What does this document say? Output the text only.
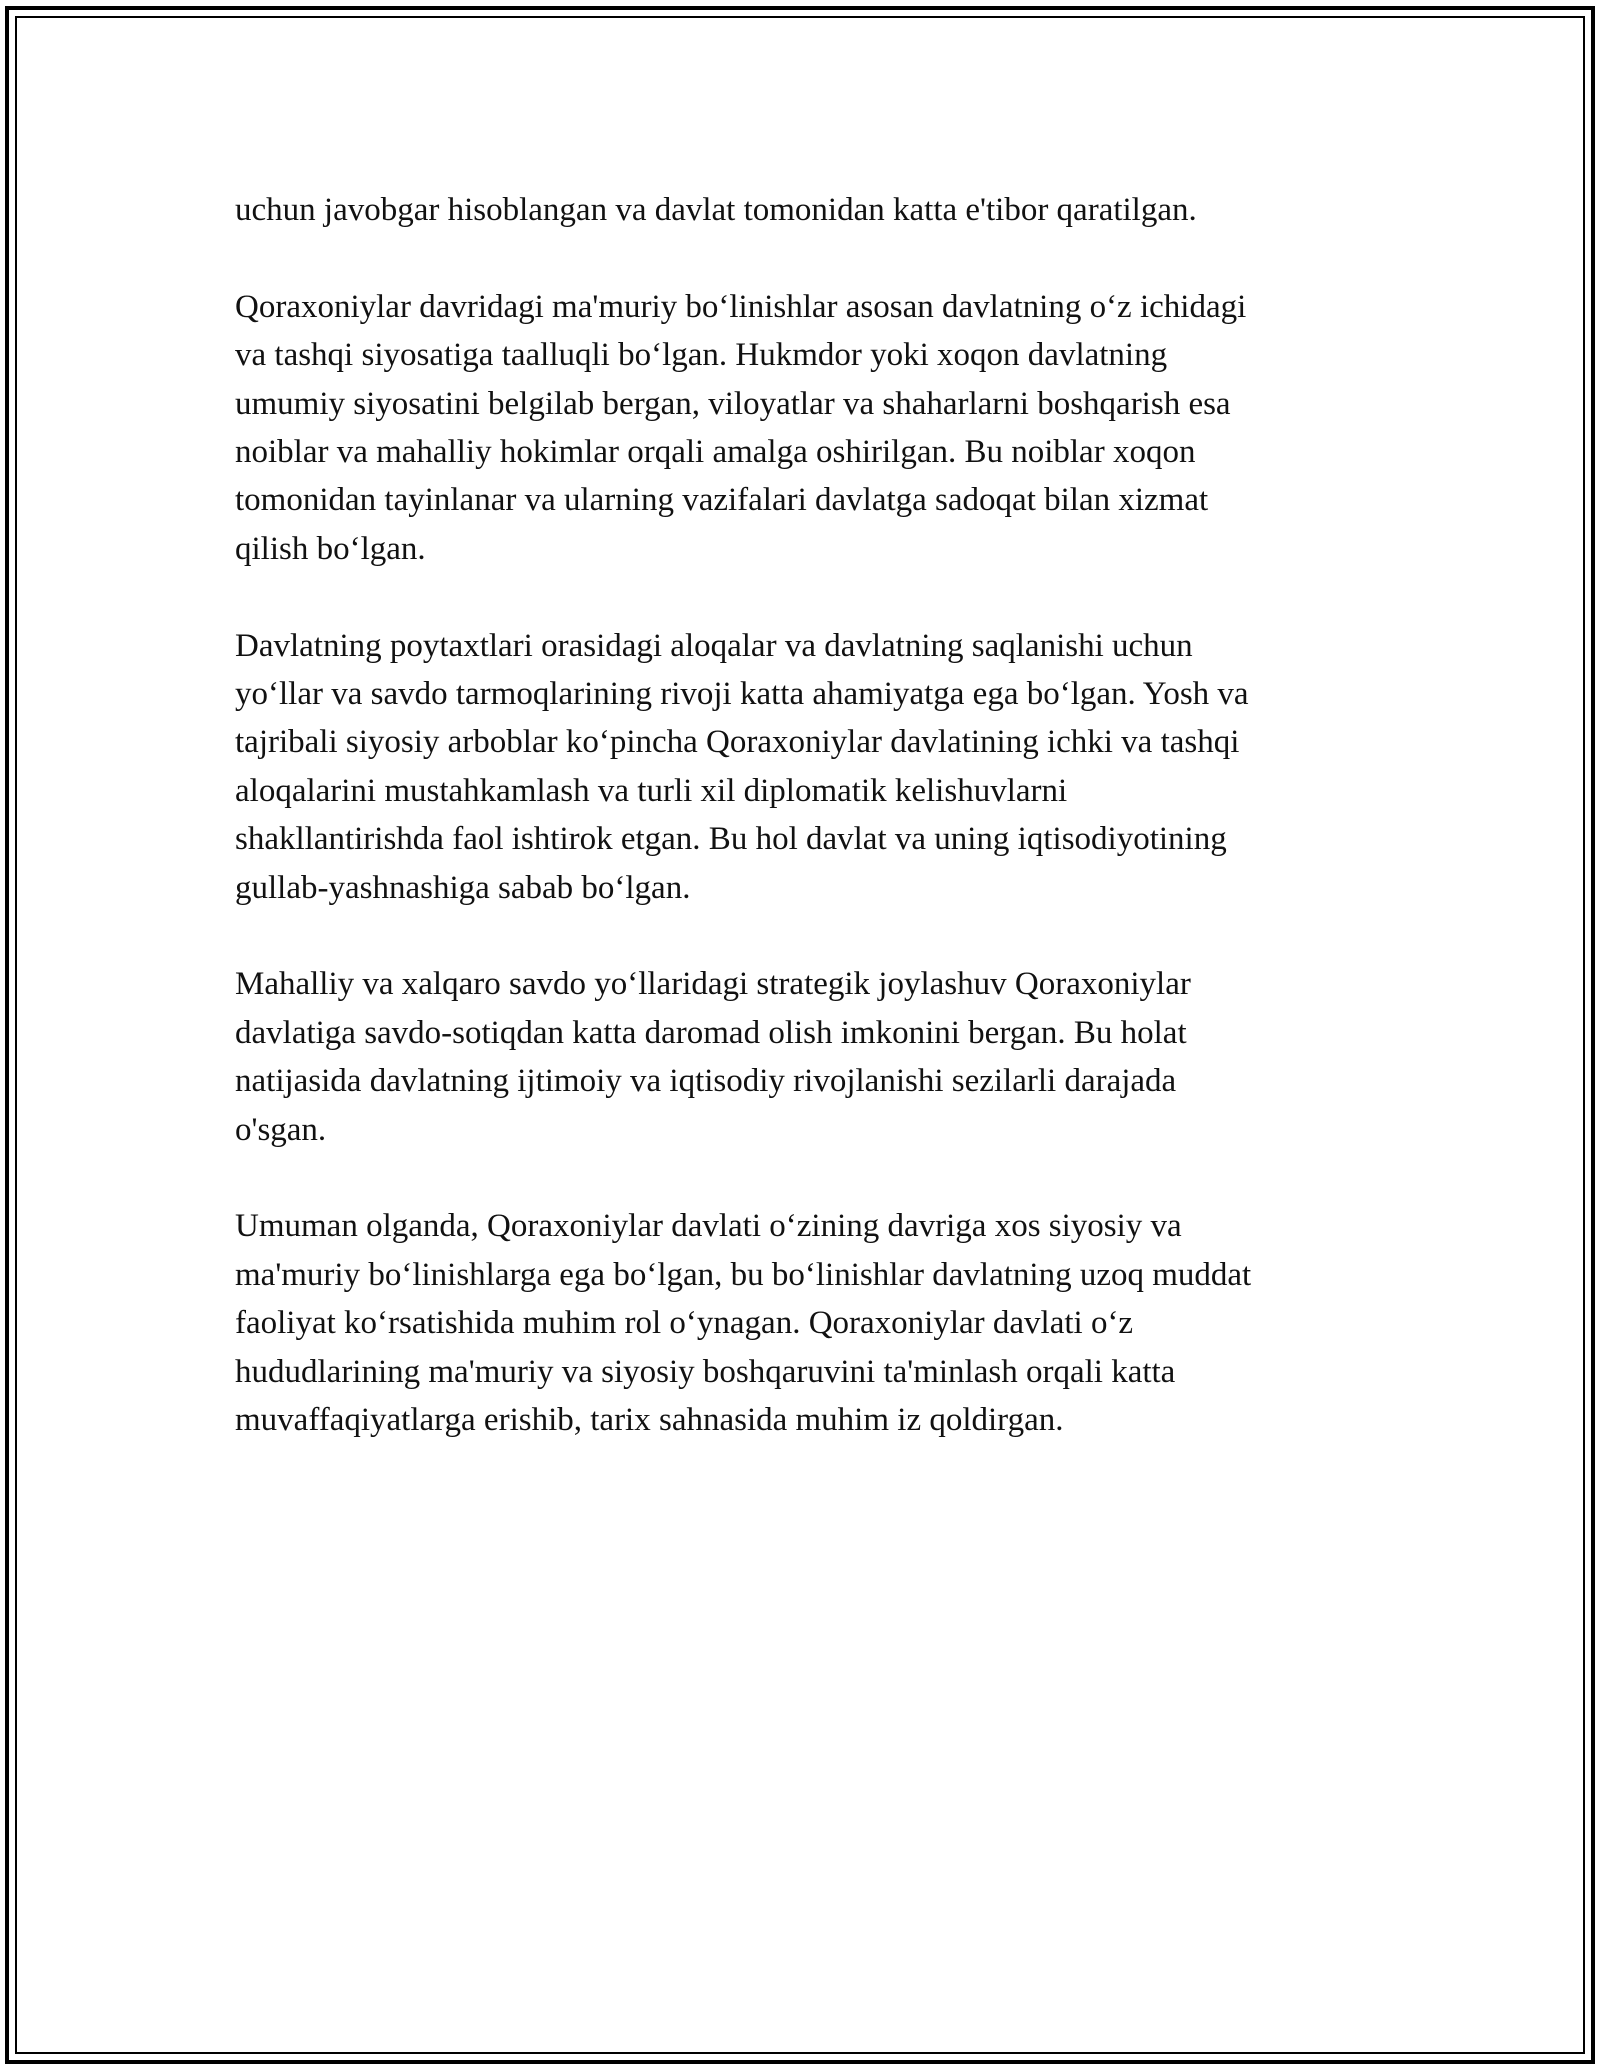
uchun javobgar hisoblangan va davlat tomonidan katta e'tibor qaratilgan.

Qoraxoniylar davridagi ma'muriy bo‘linishlar asosan davlatning o‘z ichidagi
va tashqi siyosatiga taalluqli bo‘lgan. Hukmdor yoki xoqon davlatning
umumiy siyosatini belgilab bergan, viloyatlar va shaharlarni boshqarish esa
noiblar va mahalliy hokimlar orqali amalga oshirilgan. Bu noiblar xoqon
tomonidan tayinlanar va ularning vazifalari davlatga sadoqat bilan xizmat
qilish bo‘lgan.

Davlatning poytaxtlari orasidagi aloqalar va davlatning saqlanishi uchun
yo‘llar va savdo tarmoqlarining rivoji katta ahamiyatga ega bo‘lgan. Yosh va
tajribali siyosiy arboblar ko‘pincha Qoraxoniylar davlatining ichki va tashqi
aloqalarini mustahkamlash va turli xil diplomatik kelishuvlarni
shakllantirishda faol ishtirok etgan. Bu hol davlat va uning iqtisodiyotining
gullab-yashnashiga sabab bo‘lgan.

Mahalliy va xalqaro savdo yo‘llaridagi strategik joylashuv Qoraxoniylar
davlatiga savdo-sotiqdan katta daromad olish imkonini bergan. Bu holat
natijasida davlatning ijtimoiy va iqtisodiy rivojlanishi sezilarli darajada
o'sgan.

Umuman olganda, Qoraxoniylar davlati o‘zining davriga xos siyosiy va
ma'muriy bo‘linishlarga ega bo‘lgan, bu bo‘linishlar davlatning uzoq muddat
faoliyat ko‘rsatishida muhim rol o‘ynagan. Qoraxoniylar davlati o‘z
hududlarining ma'muriy va siyosiy boshqaruvini ta'minlash orqali katta
muvaffaqiyatlarga erishib, tarix sahnasida muhim iz qoldirgan.
